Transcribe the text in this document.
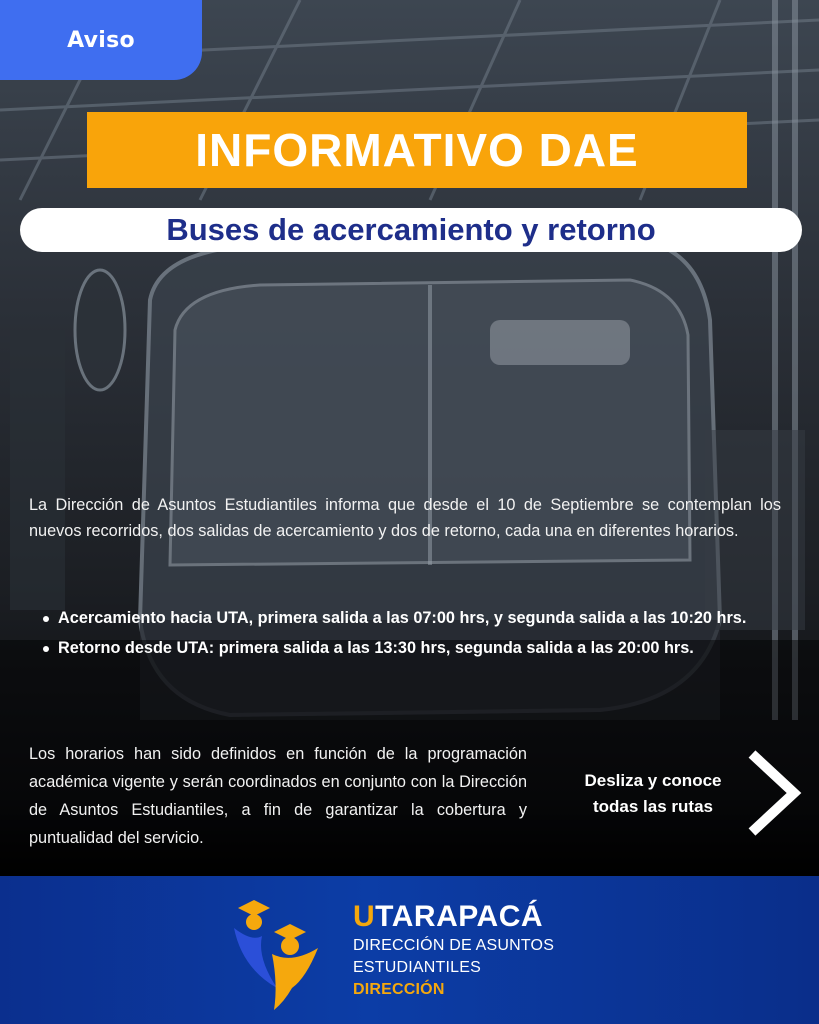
Aviso
INFORMATIVO DAE
Buses de acercamiento y retorno

La Dirección de Asuntos Estudiantiles informa que desde el 10 de Septiembre se contemplan los nuevos recorridos, dos salidas de acercamiento y dos de retorno, cada una en diferentes horarios.

Acercamiento hacia UTA, primera salida a las 07:00 hrs, y segunda salida a las 10:20 hrs.
Retorno desde UTA: primera salida a las 13:30 hrs, segunda salida a las 20:00 hrs.

Los horarios han sido definidos en función de la programación académica vigente y serán coordinados en conjunto con la Dirección de Asuntos Estudiantiles, a fin de garantizar la cobertura y puntualidad del servicio.

Desliza y conoce
todas las rutas
UTARAPACÁ
DIRECCIÓN DE ASUNTOS
ESTUDIANTILES
DIRECCIÓN
